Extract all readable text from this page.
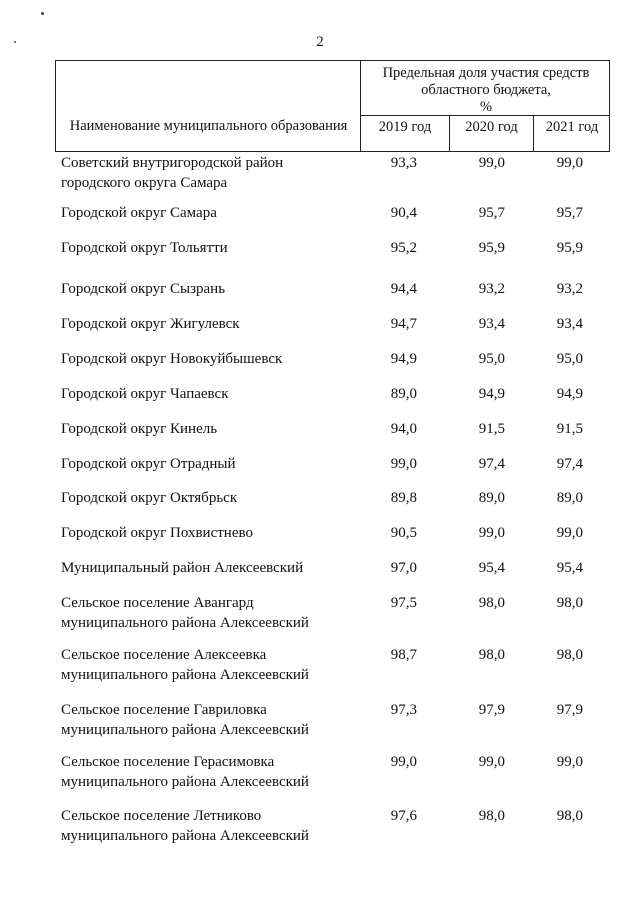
2
Наименование муниципального образования
Предельная доля участия средств
областного бюджета,
%
2019 год	2020 год	2021 год
Советский внутригородской район
городского округа Самара
93,3	99,0	99,0
Городской округ Самара	90,4	95,7	95,7
Городской округ Тольятти	95,2	95,9	95,9
Городской округ Сызрань	94,4	93,2	93,2
Городской округ Жигулевск	94,7	93,4	93,4
Городской округ Новокуйбышевск	94,9	95,0	95,0
Городской округ Чапаевск	89,0	94,9	94,9
Городской округ Кинель	94,0	91,5	91,5
Городской округ Отрадный	99,0	97,4	97,4
Городской округ Октябрьск	89,8	89,0	89,0
Городской округ Похвистнево	90,5	99,0	99,0
Муниципальный район Алексеевский	97,0	95,4	95,4
Сельское поселение Авангард
муниципального района Алексеевский
97,5	98,0	98,0
Сельское поселение Алексеевка
муниципального района Алексеевский
98,7	98,0	98,0
Сельское поселение Гавриловка
муниципального района Алексеевский
97,3	97,9	97,9
Сельское поселение Герасимовка
муниципального района Алексеевский
99,0	99,0	99,0
Сельское поселение Летниково
муниципального района Алексеевский
97,6	98,0	98,0
